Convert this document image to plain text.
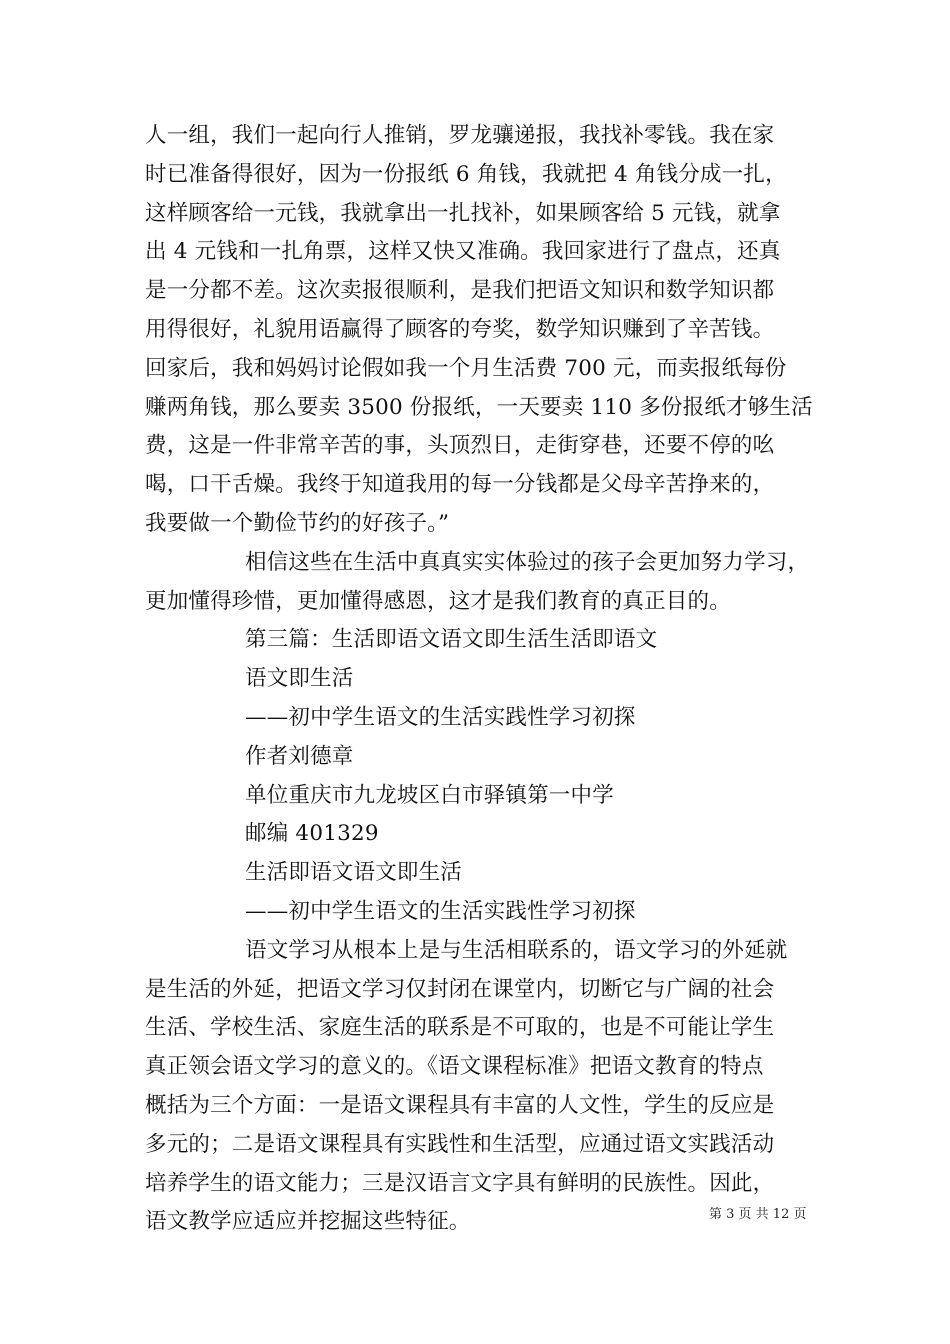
人一组，我们一起向行人推销，罗龙骧递报，我找补零钱。我在家
时已准备得很好，因为一份报纸 6 角钱，我就把 4 角钱分成一扎，
这样顾客给一元钱，我就拿出一扎找补，如果顾客给 5 元钱，就拿
出 4 元钱和一扎角票，这样又快又准确。我回家进行了盘点，还真
是一分都不差。这次卖报很顺利，是我们把语文知识和数学知识都
用得很好，礼貌用语赢得了顾客的夸奖，数学知识赚到了辛苦钱。
回家后，我和妈妈讨论假如我一个月生活费 700 元，而卖报纸每份
赚两角钱，那么要卖 3500 份报纸，一天要卖 110 多份报纸才够生活
费，这是一件非常辛苦的事，头顶烈日，走街穿巷，还要不停的吆
喝，口干舌燥。我终于知道我用的每一分钱都是父母辛苦挣来的，
我要做一个勤俭节约的好孩子。”
相信这些在生活中真真实实体验过的孩子会更加努力学习，
更加懂得珍惜，更加懂得感恩，这才是我们教育的真正目的。
第三篇：生活即语文语文即生活生活即语文
语文即生活
——初中学生语文的生活实践性学习初探
作者刘德章
单位重庆市九龙坡区白市驿镇第一中学
邮编 401329
生活即语文语文即生活
——初中学生语文的生活实践性学习初探
语文学习从根本上是与生活相联系的，语文学习的外延就
是生活的外延，把语文学习仅封闭在课堂内，切断它与广阔的社会
生活、学校生活、家庭生活的联系是不可取的，也是不可能让学生
真正领会语文学习的意义的。《语文课程标准》把语文教育的特点
概括为三个方面：一是语文课程具有丰富的人文性，学生的反应是
多元的；二是语文课程具有实践性和生活型，应通过语文实践活动
培养学生的语文能力；三是汉语言文字具有鲜明的民族性。因此，
语文教学应适应并挖掘这些特征。	第 3 页 共 12 页
